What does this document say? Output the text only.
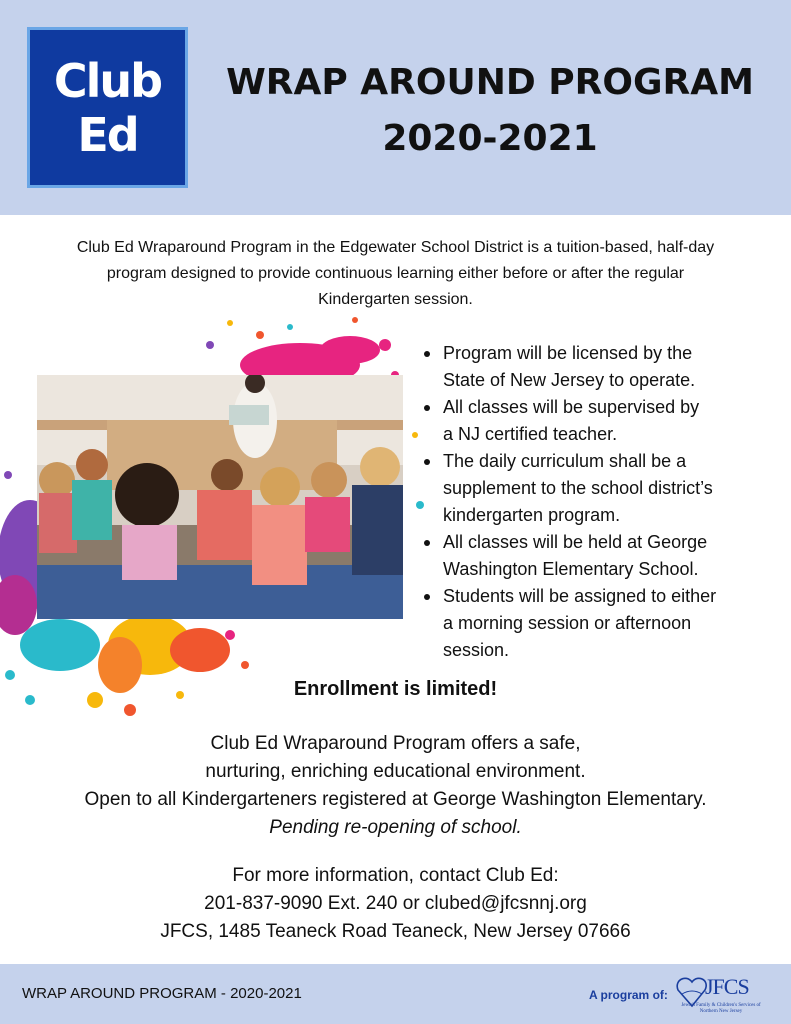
Club
Ed
WRAP AROUND PROGRAM
2020-2021
Club Ed Wraparound Program in the Edgewater School District is a tuition-based, half-day
program designed to provide continuous learning either before or after the regular
Kindergarten session.
Program will be licensed by the
State of New Jersey to operate.
All classes will be supervised by
a NJ certified teacher.
The daily curriculum shall be a
supplement to the school district’s
kindergarten program.
All classes will be held at George
Washington Elementary School.
Students will be assigned to either
a morning session or afternoon
session.
Enrollment is limited!
Club Ed Wraparound Program offers a safe,
nurturing, enriching educational environment.
Open to all Kindergarteners registered at George Washington Elementary.
Pending re-opening of school.
For more information, contact Club Ed:
201-837-9090 Ext. 240 or clubed@jfcsnnj.org
JFCS, 1485 Teaneck Road Teaneck, New Jersey 07666
WRAP AROUND PROGRAM - 2020-2021	A program of: JFCS
Jewish Family & Children's Services of Northern New Jersey
